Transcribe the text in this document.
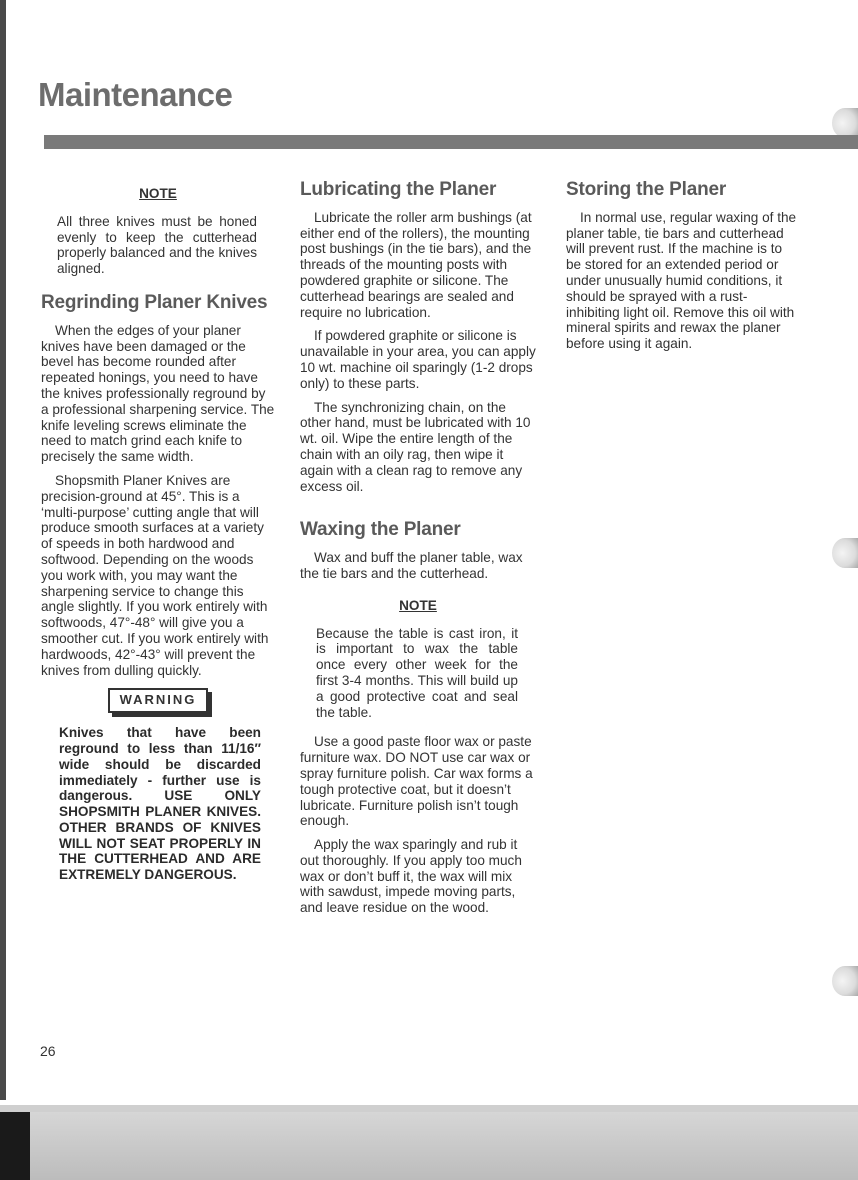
Maintenance
NOTE

All three knives must be honed evenly to keep the cutterhead properly balanced and the knives aligned.

Regrinding Planer Knives

When the edges of your planer knives have been damaged or the bevel has become rounded after repeated honings, you need to have the knives professionally reground by a professional sharpening service. The knife leveling screws eliminate the need to match grind each knife to precisely the same width.

Shopsmith Planer Knives are precision-ground at 45°. This is a ‘multi-purpose’ cutting angle that will produce smooth surfaces at a variety of speeds in both hardwood and softwood. Depending on the woods you work with, you may want the sharpening service to change this angle slightly. If you work entirely with softwoods, 47°-48° will give you a smoother cut. If you work entirely with hardwoods, 42°-43° will prevent the knives from dulling quickly.

WARNING

Knives that have been reground to less than 11/16″ wide should be discarded immediately - further use is dangerous. USE ONLY SHOPSMITH PLANER KNIVES. OTHER BRANDS OF KNIVES WILL NOT SEAT PROPERLY IN THE CUTTERHEAD AND ARE EXTREMELY DANGEROUS.

Lubricating the Planer

Lubricate the roller arm bushings (at either end of the rollers), the mounting post bushings (in the tie bars), and the threads of the mounting posts with powdered graphite or silicone. The cutterhead bearings are sealed and require no lubrication.

If powdered graphite or silicone is unavailable in your area, you can apply 10 wt. machine oil sparingly (1-2 drops only) to these parts.

The synchronizing chain, on the other hand, must be lubricated with 10 wt. oil. Wipe the entire length of the chain with an oily rag, then wipe it again with a clean rag to remove any excess oil.

Waxing the Planer

Wax and buff the planer table, wax the tie bars and the cutterhead.

NOTE

Because the table is cast iron, it is important to wax the table once every other week for the first 3-4 months. This will build up a good protective coat and seal the table.

Use a good paste floor wax or paste furniture wax. DO NOT use car wax or spray furniture polish. Car wax forms a tough protective coat, but it doesn’t lubricate. Furniture polish isn’t tough enough.

Apply the wax sparingly and rub it out thoroughly. If you apply too much wax or don’t buff it, the wax will mix with sawdust, impede moving parts, and leave residue on the wood.

Storing the Planer

In normal use, regular waxing of the planer table, tie bars and cutterhead will prevent rust. If the machine is to be stored for an extended period or under unusually humid conditions, it should be sprayed with a rust-inhibiting light oil. Remove this oil with mineral spirits and rewax the planer before using it again.

26
